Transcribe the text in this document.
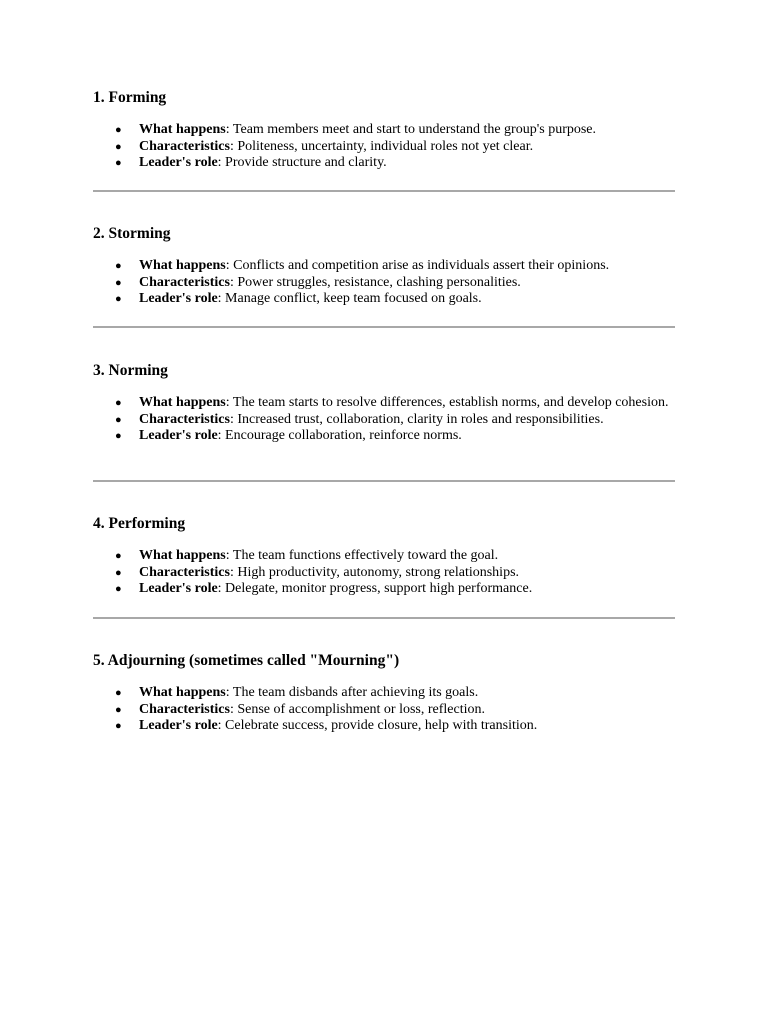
1. Forming
● What happens: Team members meet and start to understand the group's purpose.
● Characteristics: Politeness, uncertainty, individual roles not yet clear.
● Leader's role: Provide structure and clarity.
2. Storming
● What happens: Conflicts and competition arise as individuals assert their opinions.
● Characteristics: Power struggles, resistance, clashing personalities.
● Leader's role: Manage conflict, keep team focused on goals.
3. Norming
● What happens: The team starts to resolve differences, establish norms, and develop cohesion.
● Characteristics: Increased trust, collaboration, clarity in roles and responsibilities.
● Leader's role: Encourage collaboration, reinforce norms.
4. Performing
● What happens: The team functions effectively toward the goal.
● Characteristics: High productivity, autonomy, strong relationships.
● Leader's role: Delegate, monitor progress, support high performance.
5. Adjourning (sometimes called "Mourning")
● What happens: The team disbands after achieving its goals.
● Characteristics: Sense of accomplishment or loss, reflection.
● Leader's role: Celebrate success, provide closure, help with transition.
